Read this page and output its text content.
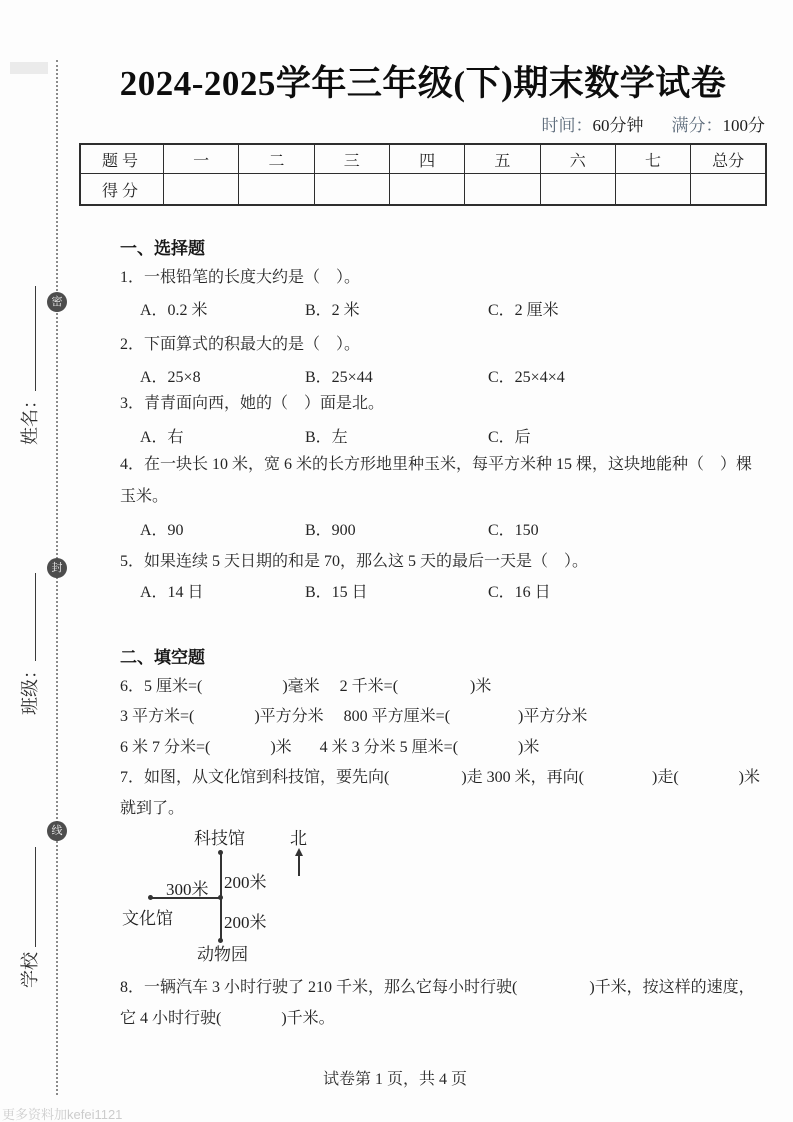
密
封
线
姓名：
班级：
学校
更多资料加kefei1121
2024-2025学年三年级(下)期末数学试卷
时间：60分钟 满分：100分
题号	一	二	三	四	五	六	七	总分
得分								
一、选择题
1．一根铅笔的长度大约是（　）。
A．0.2 米	B．2 米	C．2 厘米
2．下面算式的积最大的是（　）。
A．25×8	B．25×44	C．25×4×4
3．青青面向西，她的（　）面是北。
A．右	B．左	C．后
4．在一块长 10 米，宽 6 米的长方形地里种玉米，每平方米种 15 棵，这块地能种（　）棵
玉米。
A．90	B．900	C．150
5．如果连续 5 天日期的和是 70，那么这 5 天的最后一天是（　）。
A．14 日	B．15 日	C．16 日
二、填空题
6．5 厘米=(                    )毫米     2 千米=(                  )米
3 平方米=(               )平方分米     800 平方厘米=(                 )平方分米
6 米 7 分米=(               )米       4 米 3 分米 5 厘米=(               )米
7．如图，从文化馆到科技馆，要先向(                  )走 300 米，再向(                 )走(               )米
就到了。
科技馆	北
200米
300米
文化馆	200米
动物园
8．一辆汽车 3 小时行驶了 210 千米，那么它每小时行驶(                  )千米，按这样的速度，
它 4 小时行驶(               )千米。
试卷第 1 页，共 4 页
